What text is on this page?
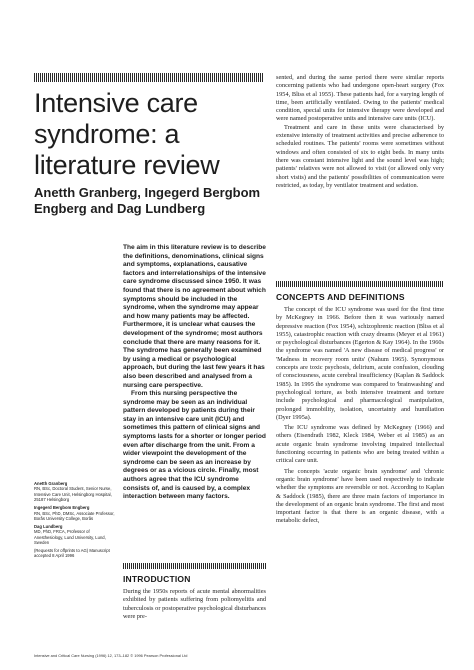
Intensive care syndrome: a literature review
Anetth Granberg, Ingegerd Bergbom Engberg and Dag Lundberg

The aim in this literature review is to describe the definitions, denominations, clinical signs and symptoms, explanations, causative factors and interrelationships of the intensive care syndrome discussed since 1950. It was found that there is no agreement about which symptoms should be included in the syndrome, when the syndrome may appear and how many patients may be affected. Furthermore, it is unclear what causes the development of the syndrome; most authors conclude that there are many reasons for it. The syndrome has generally been examined by using a medical or psychological approach, but during the last few years it has also been described and analysed from a nursing care perspective.

From this nursing perspective the syndrome may be seen as an individual pattern developed by patients during their stay in an intensive care unit (ICU) and sometimes this pattern of clinical signs and symptoms lasts for a shorter or longer period even after discharge from the unit. From a wider viewpoint the development of the syndrome can be seen as an increase by degrees or as a vicious circle. Finally, most authors agree that the ICU syndrome consists of, and is caused by, a complex interaction between many factors.

Anetth Granberg
RN, BSc, Doctoral Student, Senior Nurse, Intensive Care Unit, Helsingborg Hospital, 25187 Helsingborg
Ingegerd Bergbom Engberg
RN, BSc, PhD, DMSc, Associate Professor, Borås University College, Borås
Dag Lundberg
MD, PhD, FRCA, Professor of Anesthesiology, Lund University, Lund, Sweden
(Requests for offprints to AG) Manuscript accepted 8 April 1996
INTRODUCTION

During the 1950s reports of acute mental abnormalities exhibited by patients suffering from poliomyelitis and tuberculosis or postoperative psychological disturbances were pre-

sented, and during the same period there were similar reports concerning patients who had undergone open-heart surgery (Fox 1954, Bliss et al 1955). These patients had, for a varying length of time, been artificially ventilated. Owing to the patients' medical condition, special units for intensive therapy were developed and were named postoperative units and intensive care units (ICU).

Treatment and care in these units were characterised by extensive intensity of treatment activities and precise adherence to scheduled routines. The patients' rooms were sometimes without windows and often consisted of six to eight beds. In many units there was constant intensive light and the sound level was high; patients' relatives were not allowed to visit (or allowed only very short visits) and the patients' possibilities of communication were restricted, as today, by ventilator treatment and sedation.

CONCEPTS AND DEFINITIONS

The concept of the ICU syndrome was used for the first time by McKegney in 1966. Before then it was variously named depressive reaction (Fox 1954), schizophrenic reaction (Bliss et al 1955), catastrophic reaction with crazy dreams (Meyer et al 1961) or psychological disturbances (Egerton & Kay 1964). In the 1960s the syndrome was named 'A new disease of medical progress' or 'Madness in recovery room units' (Nahum 1965). Synonymous concepts are toxic psychosis, delirium, acute confusion, clouding of consciousness, acute cerebral insufficiency (Kaplan & Saddock 1985). In 1995 the syndrome was compared to 'brainwashing' and psychological torture, as both intensive treatment and torture include psychological and pharmacological manipulation, prolonged immobility, isolation, uncertainty and humiliation (Dyer 1995a).

The ICU syndrome was defined by McKegney (1966) and others (Eisendrath 1982, Kleck 1984, Weber et al 1985) as an acute organic brain syndrome involving impaired intellectual functioning occurring in patients who are being treated within a critical care unit.

The concepts 'acute organic brain syndrome' and 'chronic organic brain syndrome' have been used respectively to indicate whether the symptoms are reversible or not. According to Kaplan & Saddock (1985), there are three main factors of importance in the development of an organic brain syndrome. The first and most important factor is that there is an organic disease, with a metabolic defect,

Intensive and Critical Care Nursing (1996) 12, 173–182 © 1996 Pearson Professional Ltd
